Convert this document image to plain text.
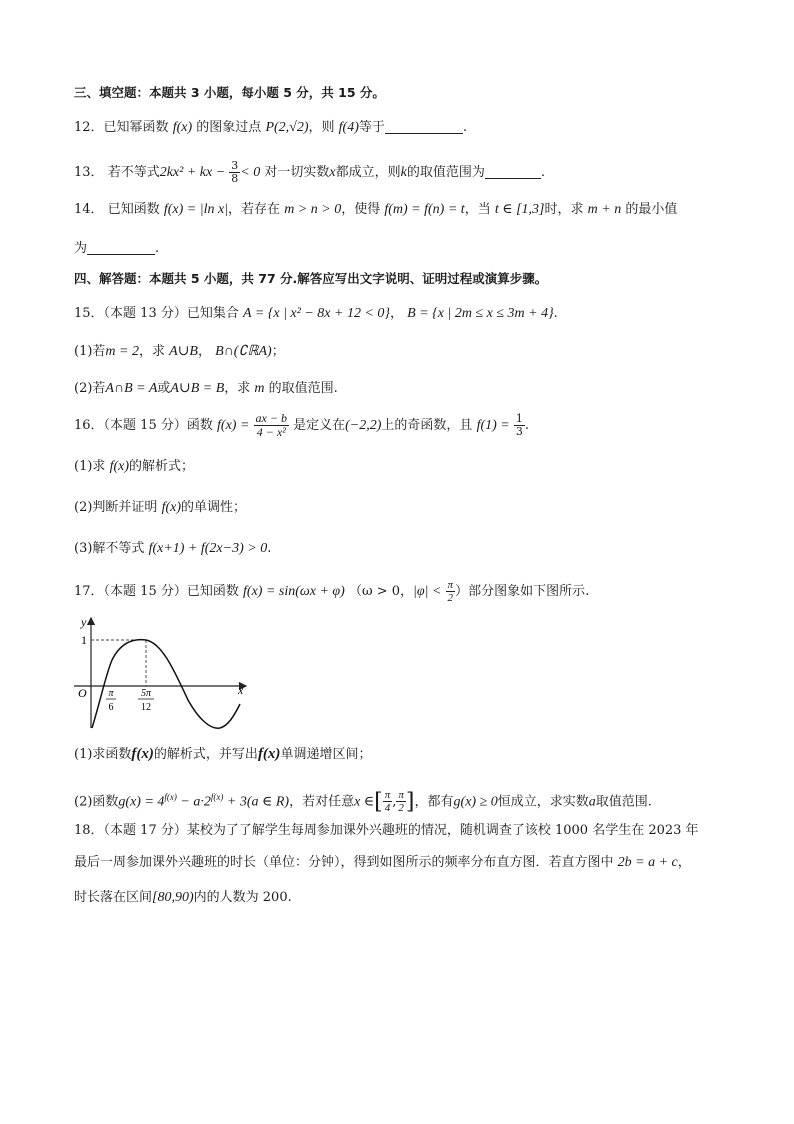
三、填空题：本题共 3 小题，每小题 5 分，共 15 分。
12．已知幂函数 f(x) 的图象过点 P(2,√2)，则 f(4)等于	.
13． 若不等式2kx² + kx − $\frac{3}{8} < 0$ 对一切实数x都成立，则k的取值范围为	.
14． 已知函数 f(x) = |ln x|，若存在 m > n > 0，使得 f(m) = f(n) = t，当 t ∈ [1,3]时，求 m + n 的最小值
为	.
四、解答题：本题共 5 小题，共 77 分.解答应写出文字说明、证明过程或演算步骤。
15．（本题 13 分）已知集合 A = {x | x² − 8x + 12 < 0}， B = {x | 2m ≤ x ≤ 3m + 4}.
(1)若m = 2，求 A∪B， B∩(∁ℝA)；
(2)若A∩B = A或A∪B = B，求 m 的取值范围.
16．（本题 15 分）函数 $f(x) = \frac{ax - b}{\text{4 − x²}}$ 是定义在(−2,2)上的奇函数，且 $f(1) = \frac{1}{3}$ .
(1)求 f(x)的解析式；
(2)判断并证明 f(x)的单调性；
(3)解不等式 f(x+1) + f(2x−3) > 0.
17．（本题 15 分）已知函数 f(x) = sin(ωx + φ) （ω > 0，$|\varphi| < \frac{\pi}{2}$ ）部分图象如下图所示.
y
x
O
1
π
6
5π
12
(1)求函数f(x)的解析式，并写出f(x)单调递增区间；
(2)函数$g(x) = 4^{f(x)} - a\cdot 2^{f(x)} + 3(a$ ∈ R)，若对任意x ∈[ $\frac{\pi}{4}$ , $\frac{\pi}{2}$ ]，都有g(x) ≥ 0恒成立，求实数a取值范围.
18．（本题 17 分）某校为了了解学生每周参加课外兴趣班的情况，随机调查了该校 1000 名学生在 2023 年
最后一周参加课外兴趣班的时长（单位：分钟），得到如图所示的频率分布直方图．若直方图中 2b = a + c，
时长落在区间[80,90)内的人数为 200.
